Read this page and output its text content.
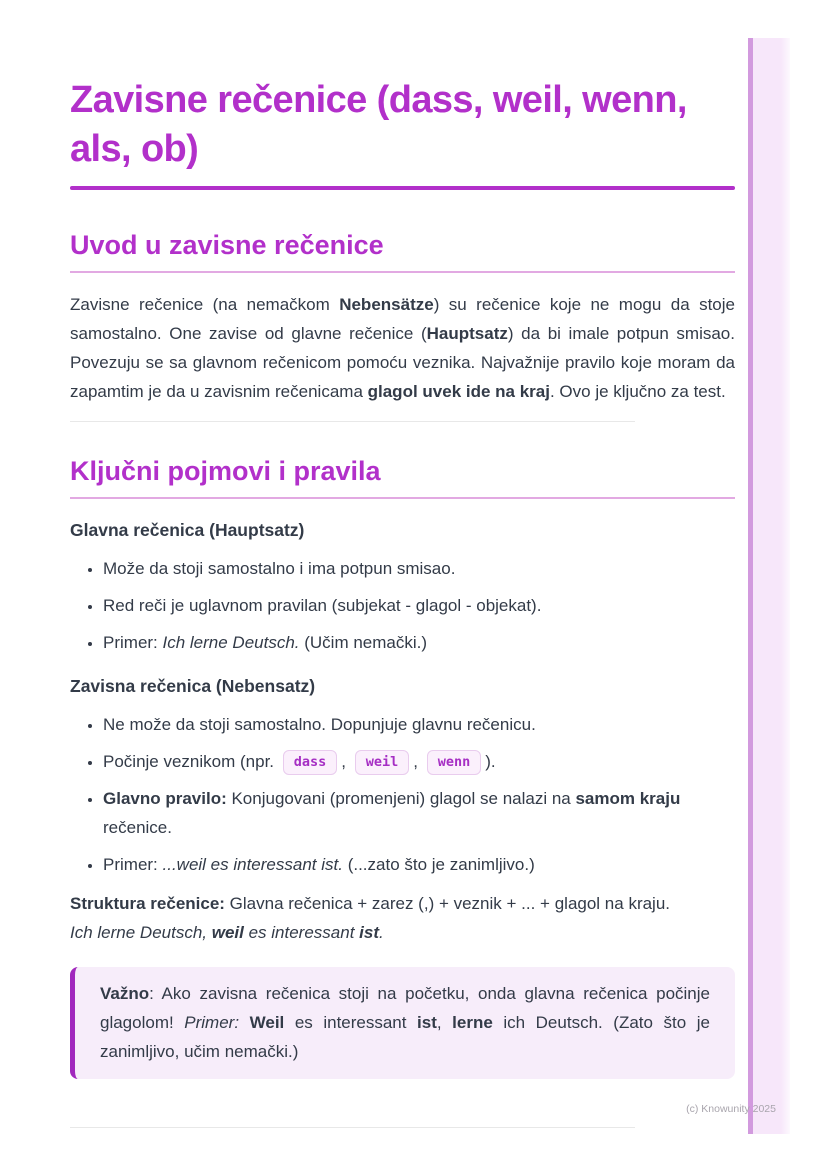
Zavisne rečenice (dass, weil, wenn, als, ob)
Uvod u zavisne rečenice

Zavisne rečenice (na nemačkom Nebensätze) su rečenice koje ne mogu da stoje samostalno. One zavise od glavne rečenice (Hauptsatz) da bi imale potpun smisao. Povezuju se sa glavnom rečenicom pomoću veznika. Najvažnije pravilo koje moram da zapamtim je da u zavisnim rečenicama glagol uvek ide na kraj. Ovo je ključno za test.

Ključni pojmovi i pravila
Glavna rečenica (Hauptsatz)
• Može da stoji samostalno i ima potpun smisao.
• Red reči je uglavnom pravilan (subjekat - glagol - objekat).
• Primer: Ich lerne Deutsch. (Učim nemački.)
Zavisna rečenica (Nebensatz)
• Ne može da stoji samostalno. Dopunjuje glavnu rečenicu.
• Počinje veznikom (npr. dass , weil , wenn ).
• Glavno pravilo: Konjugovani (promenjeni) glagol se nalazi na samom kraju rečenice.
• Primer: ...weil es interessant ist. (...zato što je zanimljivo.)

Struktura rečenice: Glavna rečenica + zarez (,) + veznik + ... + glagol na kraju.
Ich lerne Deutsch, weil es interessant ist.

Važno: Ako zavisna rečenica stoji na početku, onda glavna rečenica počinje glagolom! Primer: Weil es interessant ist, lerne ich Deutsch. (Zato što je zanimljivo, učim nemački.)
(c) Knowunity 2025
